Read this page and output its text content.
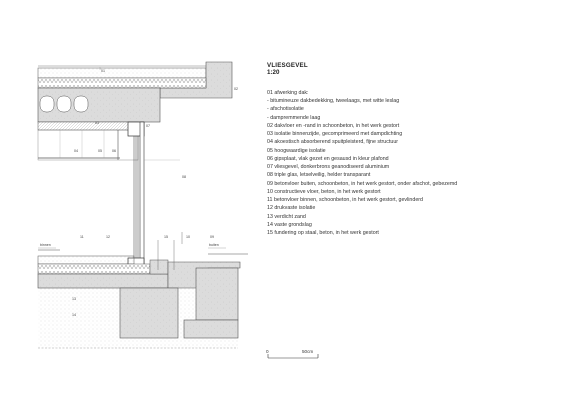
binnen	buiten
01
02
03
04	05	06
07
08
09
10
11	12
13
14
15
0	50cm
VLIESGEVEL
1:20
01 afwerking dak:
- bitumineuze dakbedekking, tweelaags, met witte leslag
- afschotisolatie
- dampremmende laag
02 dakvloer en -rand in schoonbeton, in het werk gestort
03 isolatie binnenzijde, gecomprimeerd met dampdichting
04 akoestisch absorberend spuitpleisterd, fijne structuur
05 hoogwaardige isolatie
06 gipsplaat, vlak gezet en gesausd in kleur plafond
07 vliesgevel, donkerbrons geanodiseerd aluminium
08 triple glas, letselveilig, helder transparant
09 betonvloer buiten, schoonbeton, in het werk gestort, onder afschot, gebezemd
10 constructieve vloer, beton, in het werk gestort
11 betonvloer binnen, schoonbeton, in het werk gestort, gevlinderd
12 drukvaste isolatie
13 verdicht zand
14 vaste grondslag
15 fundering op staal, beton, in het werk gestort
